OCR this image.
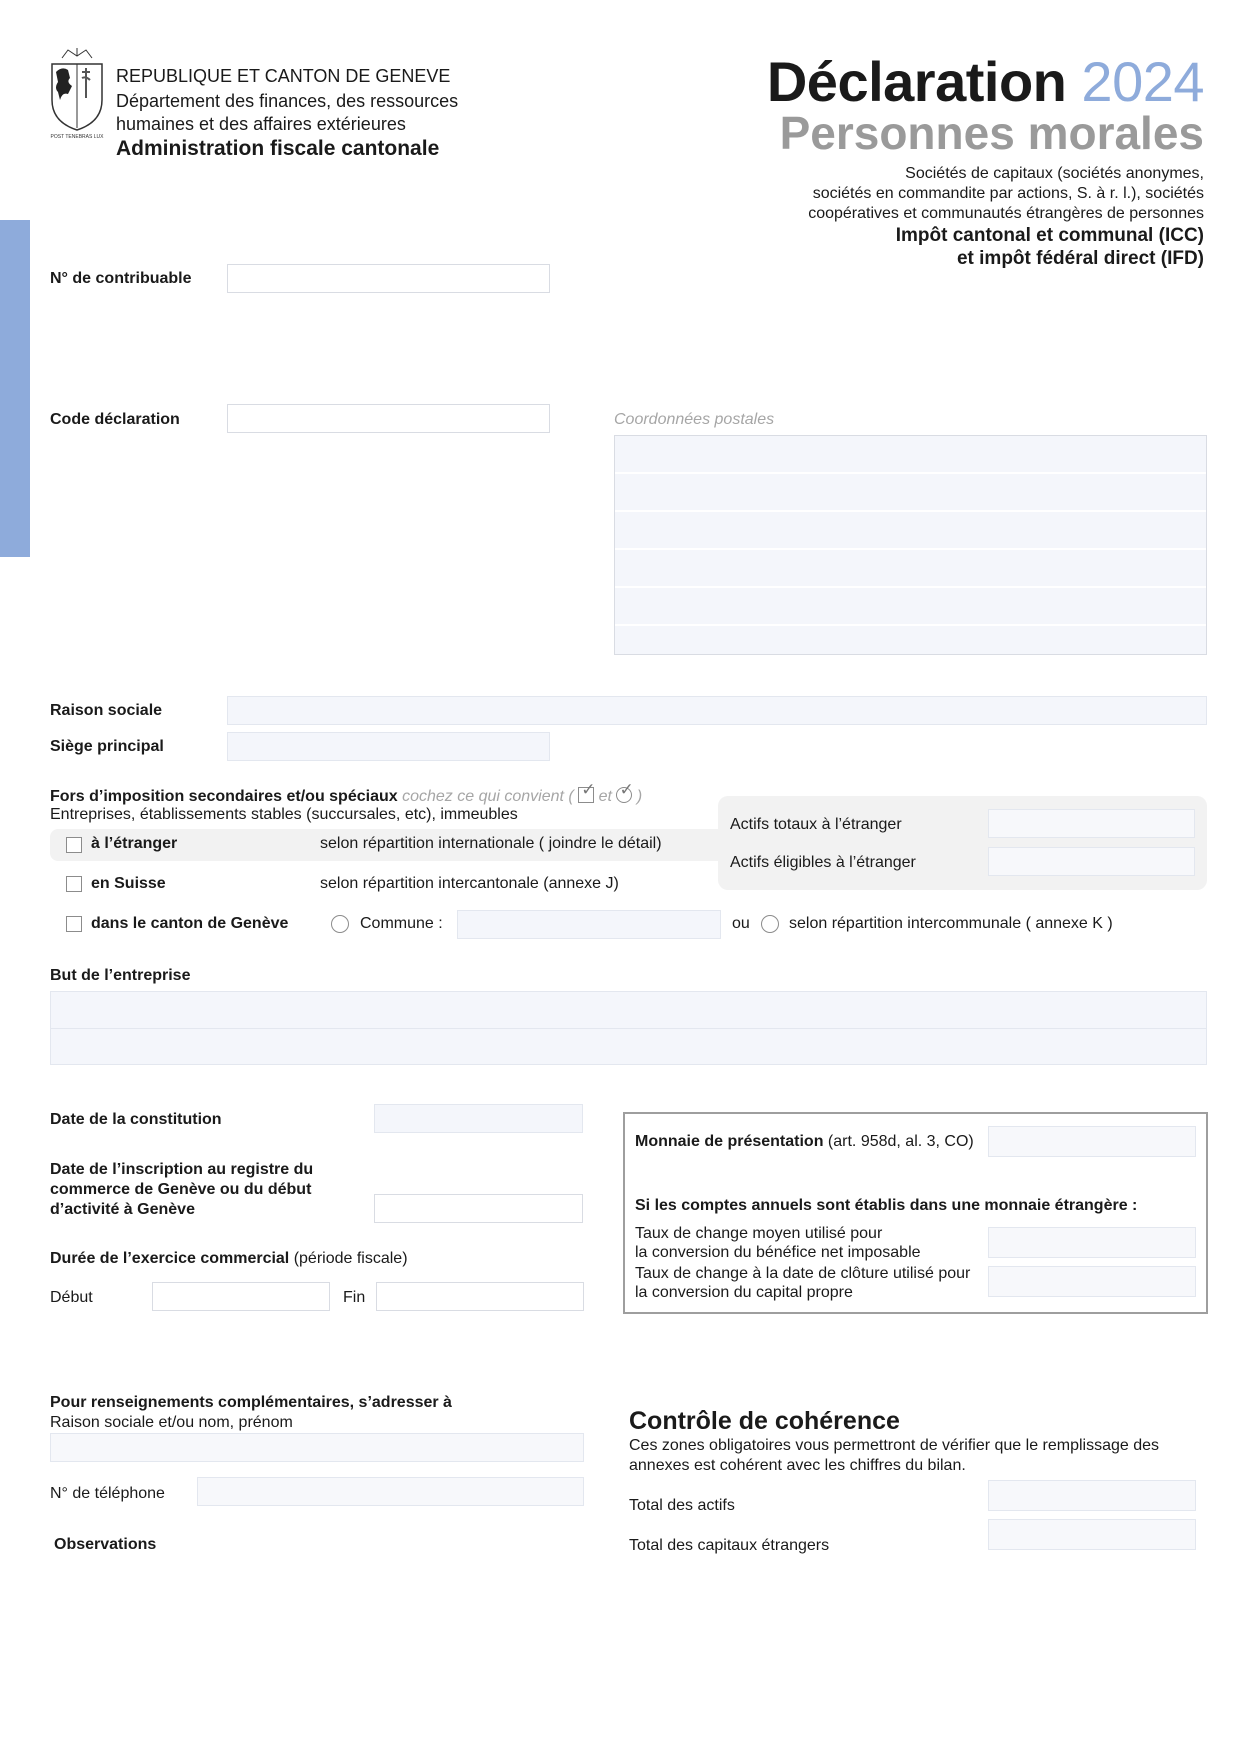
POST TENEBRAS LUX
REPUBLIQUE ET CANTON DE GENEVE
Département des finances, des ressources
humaines et des affaires extérieures
Administration fiscale cantonale
Déclaration 2024
Personnes morales
Sociétés de capitaux (sociétés anonymes,
sociétés en commandite par actions, S. à r. l.), sociétés
coopératives et communautés étrangères de personnes
Impôt cantonal et communal (ICC)
et impôt fédéral direct (IFD)
N° de contribuable
Code déclaration	Coordonnées postales
Raison sociale
Siège principal
Fors d’imposition secondaires et/ou spéciaux cochez ce qui convient ( ✓ et ✓ )
Entreprises, établissements stables (succursales, etc), immeubles
à l’étranger	selon répartition internationale ( joindre le détail)
Actifs totaux à l’étranger
Actifs éligibles à l’étranger
en Suisse	selon répartition intercantonale (annexe J)
dans le canton de Genève	Commune :	ou selon répartition intercommunale ( annexe K )
But de l’entreprise
Date de la constitution
Date de l’inscription au registre du
commerce de Genève ou du début
d’activité à Genève
Durée de l’exercice commercial (période fiscale)
Début	Fin
Monnaie de présentation (art. 958d, al. 3, CO)
Si les comptes annuels sont établis dans une monnaie étrangère :
Taux de change moyen utilisé pour
la conversion du bénéfice net imposable
Taux de change à la date de clôture utilisé pour
la conversion du capital propre
Pour renseignements complémentaires, s’adresser à
Raison sociale et/ou nom, prénom
N° de téléphone
Observations
Contrôle de cohérence
Ces zones obligatoires vous permettront de vérifier que le remplissage des
annexes est cohérent avec les chiffres du bilan.
Total des actifs
Total des capitaux étrangers
